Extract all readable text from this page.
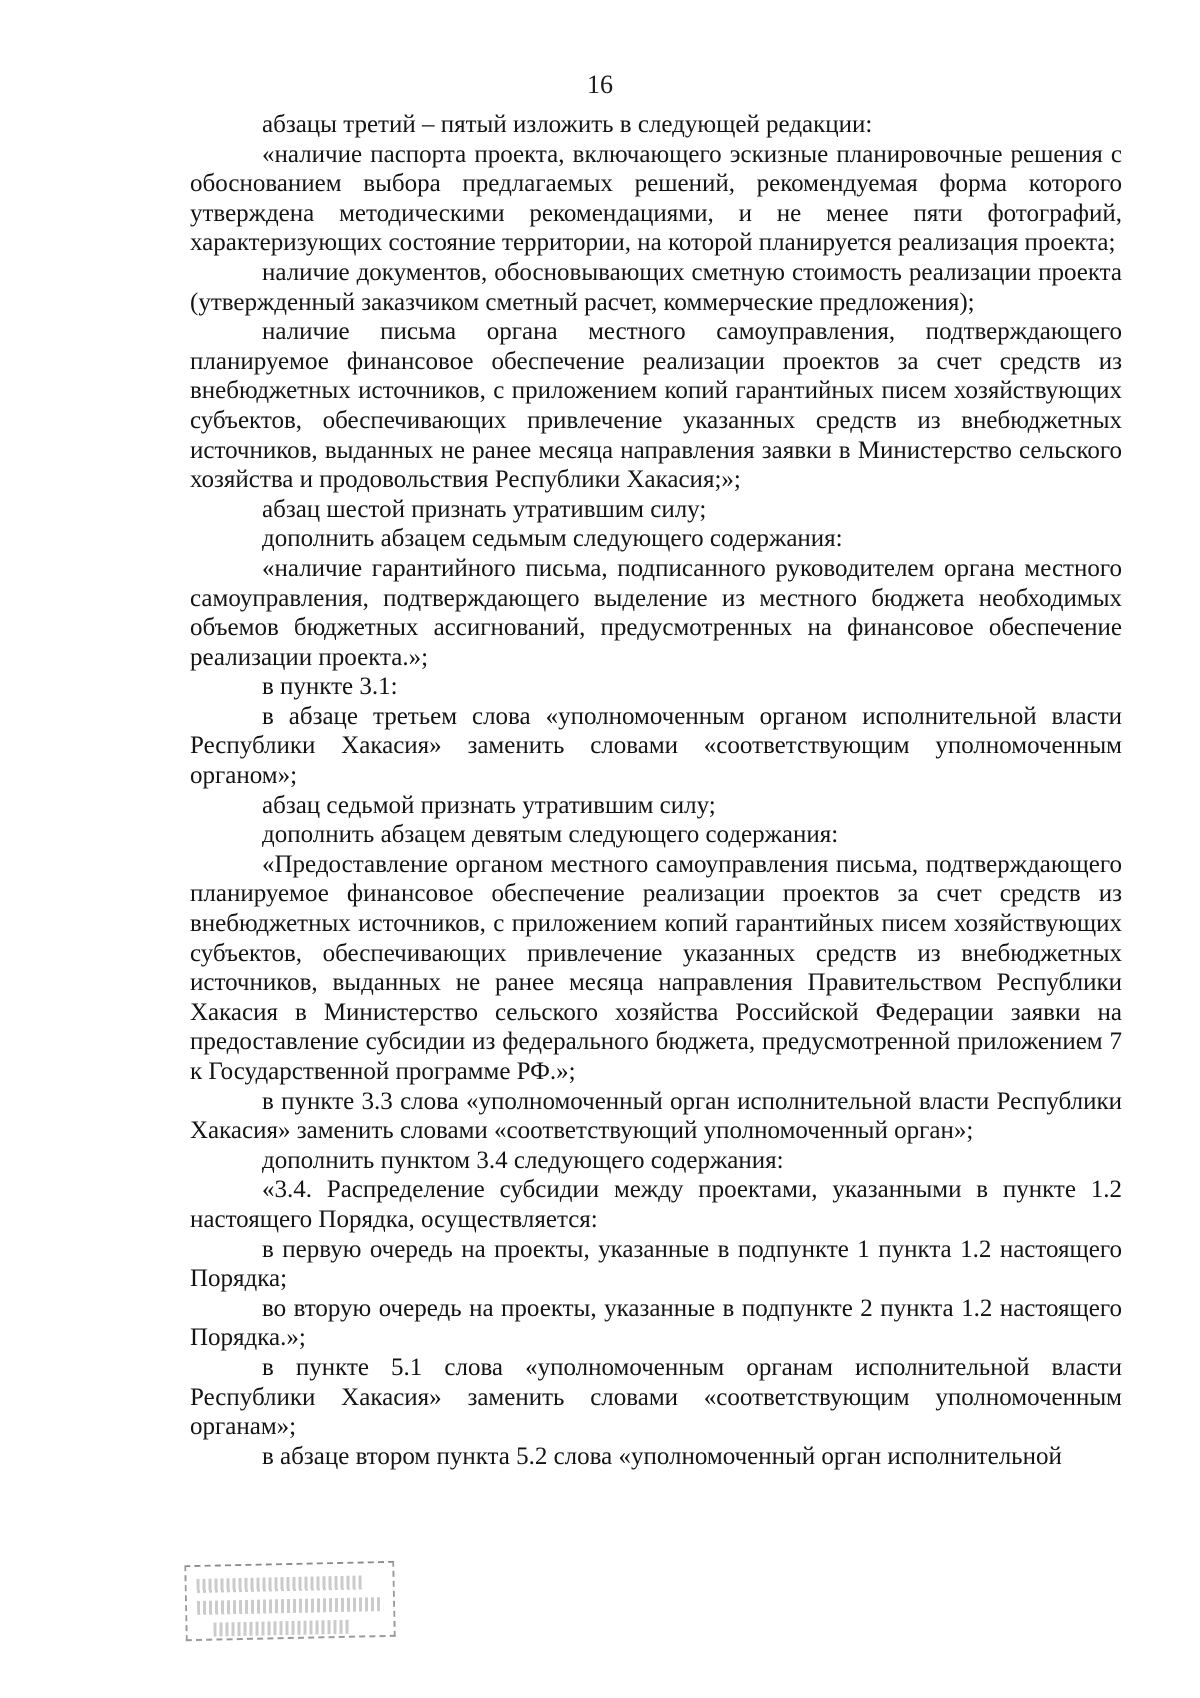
16

абзацы третий – пятый изложить в следующей редакции:

«наличие паспорта проекта, включающего эскизные планировочные решения с обоснованием выбора предлагаемых решений, рекомендуемая форма которого утверждена методическими рекомендациями, и не менее пяти фотографий, характеризующих состояние территории, на которой планируется реализация проекта;

наличие документов, обосновывающих сметную стоимость реализации проекта (утвержденный заказчиком сметный расчет, коммерческие предложения);

наличие письма органа местного самоуправления, подтверждающего планируемое финансовое обеспечение реализации проектов за счет средств из внебюджетных источников, с приложением копий гарантийных писем хозяйствующих субъектов, обеспечивающих привлечение указанных средств из внебюджетных источников, выданных не ранее месяца направления заявки в Министерство сельского хозяйства и продовольствия Республики Хакасия;»;

абзац шестой признать утратившим силу;

дополнить абзацем седьмым следующего содержания:

«наличие гарантийного письма, подписанного руководителем органа местного самоуправления, подтверждающего выделение из местного бюджета необходимых объемов бюджетных ассигнований, предусмотренных на финансовое обеспечение реализации проекта.»;

в пункте 3.1:

в абзаце третьем слова «уполномоченным органом исполнительной власти Республики Хакасия» заменить словами «соответствующим уполномоченным органом»;

абзац седьмой признать утратившим силу;

дополнить абзацем девятым следующего содержания:

«Предоставление органом местного самоуправления письма, подтверждающего планируемое финансовое обеспечение реализации проектов за счет средств из внебюджетных источников, с приложением копий гарантийных писем хозяйствующих субъектов, обеспечивающих привлечение указанных средств из внебюджетных источников, выданных не ранее месяца направления Правительством Республики Хакасия в Министерство сельского хозяйства Российской Федерации заявки на предоставление субсидии из федерального бюджета, предусмотренной приложением 7 к Государственной программе РФ.»;

в пункте 3.3 слова «уполномоченный орган исполнительной власти Республики Хакасия» заменить словами «соответствующий уполномоченный орган»;

дополнить пунктом 3.4 следующего содержания:

«3.4. Распределение субсидии между проектами, указанными в пункте 1.2 настоящего Порядка, осуществляется:

в первую очередь на проекты, указанные в подпункте 1 пункта 1.2 настоящего Порядка;

во вторую очередь на проекты, указанные в подпункте 2 пункта 1.2 настоящего Порядка.»;

в пункте 5.1 слова «уполномоченным органам исполнительной власти Республики Хакасия» заменить словами «соответствующим уполномоченным органам»;

в абзаце втором пункта 5.2 слова «уполномоченный орган исполнительной
